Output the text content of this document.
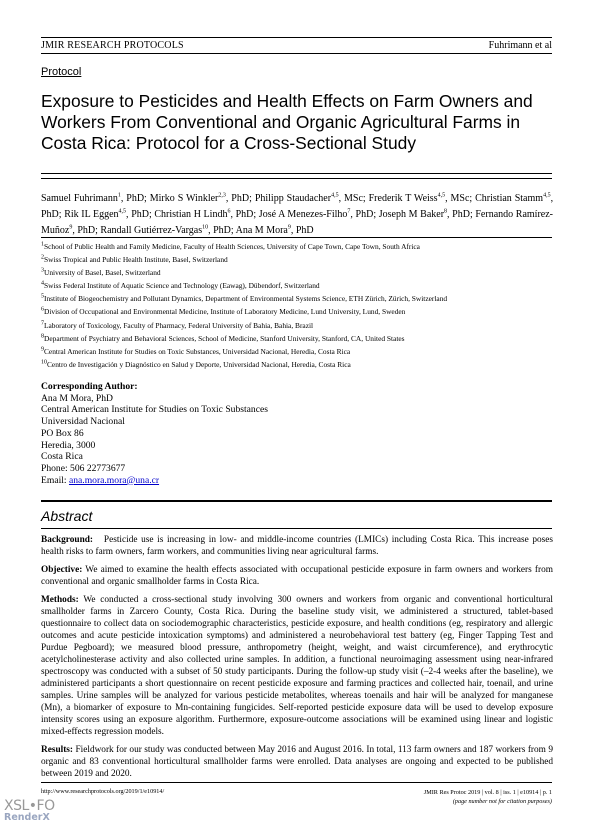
JMIR RESEARCH PROTOCOLS	Fuhrimann et al
Protocol
Exposure to Pesticides and Health Effects on Farm Owners and Workers From Conventional and Organic Agricultural Farms in Costa Rica: Protocol for a Cross-Sectional Study
Samuel Fuhrimann$^1$, PhD; Mirko S Winkler$^{2,3}$, PhD; Philipp Staudacher$^{4,5}$, MSc; Frederik T Weiss$^{4,5}$, MSc; Christian Stamm$^{4,5}$, PhD; Rik IL Eggen$^{4,5}$, PhD; Christian H Lindh$^6$, PhD; José A Menezes-Filho$^7$, PhD; Joseph M Baker$^8$, PhD; Fernando Ramírez-Muñoz$^9$, PhD; Randall Gutiérrez-Vargas$^{10}$, PhD; Ana M Mora$^9$, PhD
$^1$School of Public Health and Family Medicine, Faculty of Health Sciences, University of Cape Town, Cape Town, South Africa
$^2$Swiss Tropical and Public Health Institute, Basel, Switzerland
$^3$University of Basel, Basel, Switzerland
$^4$Swiss Federal Institute of Aquatic Science and Technology (Eawag), Dübendorf, Switzerland
$^5$Institute of Biogeochemistry and Pollutant Dynamics, Department of Environmental Systems Science, ETH Zürich, Zürich, Switzerland
$^6$Division of Occupational and Environmental Medicine, Institute of Laboratory Medicine, Lund University, Lund, Sweden
$^7$Laboratory of Toxicology, Faculty of Pharmacy, Federal University of Bahia, Bahia, Brazil
$^8$Department of Psychiatry and Behavioral Sciences, School of Medicine, Stanford University, Stanford, CA, United States
$^9$Central American Institute for Studies on Toxic Substances, Universidad Nacional, Heredia, Costa Rica
$^{10}$Centro de Investigación y Diagnóstico en Salud y Deporte, Universidad Nacional, Heredia, Costa Rica
Corresponding Author:
Ana M Mora, PhD
Central American Institute for Studies on Toxic Substances
Universidad Nacional
PO Box 86
Heredia, 3000
Costa Rica
Phone: 506 22773677
Email: ana.mora.mora@una.cr
Abstract

Background: Pesticide use is increasing in low- and middle-income countries (LMICs) including Costa Rica. This increase poses health risks to farm owners, farm workers, and communities living near agricultural farms.

Objective: We aimed to examine the health effects associated with occupational pesticide exposure in farm owners and workers from conventional and organic smallholder farms in Costa Rica.

Methods: We conducted a cross-sectional study involving 300 owners and workers from organic and conventional horticultural smallholder farms in Zarcero County, Costa Rica. During the baseline study visit, we administered a structured, tablet-based questionnaire to collect data on sociodemographic characteristics, pesticide exposure, and health conditions (eg, respiratory and allergic outcomes and acute pesticide intoxication symptoms) and administered a neurobehavioral test battery (eg, Finger Tapping Test and Purdue Pegboard); we measured blood pressure, anthropometry (height, weight, and waist circumference), and erythrocytic acetylcholinesterase activity and also collected urine samples. In addition, a functional neuroimaging assessment using near-infrared spectroscopy was conducted with a subset of 50 study participants. During the follow-up study visit (–2-4 weeks after the baseline), we administered participants a short questionnaire on recent pesticide exposure and farming practices and collected hair, toenail, and urine samples. Urine samples will be analyzed for various pesticide metabolites, whereas toenails and hair will be analyzed for manganese (Mn), a biomarker of exposure to Mn-containing fungicides. Self-reported pesticide exposure data will be used to develop exposure intensity scores using an exposure algorithm. Furthermore, exposure-outcome associations will be examined using linear and logistic mixed-effects regression models.

Results: Fieldwork for our study was conducted between May 2016 and August 2016. In total, 113 farm owners and 187 workers from 9 organic and 83 conventional horticultural smallholder farms were enrolled. Data analyses are ongoing and expected to be published between 2019 and 2020.

http://www.researchprotocols.org/2019/1/e10914/	JMIR Res Protoc 2019 | vol. 8 | iss. 1 | e10914 | p. 1
(page number not for citation purposes)
XSL•FO
RenderX
